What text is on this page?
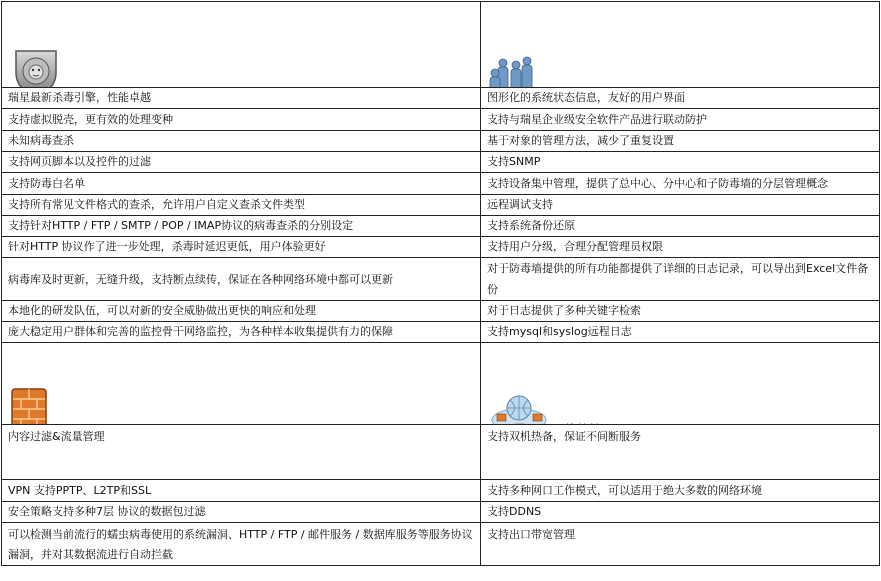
瑞星最新杀毒引擎，性能卓越	图形化的系统状态信息，友好的用户界面
支持虚拟脱壳，更有效的处理变种	支持与瑞星企业级安全软件产品进行联动防护
未知病毒查杀	基于对象的管理方法，减少了重复设置
支持网页脚本以及控件的过滤	支持SNMP
支持防毒白名单	支持设备集中管理，提供了总中心、分中心和子防毒墙的分层管理概念
支持所有常见文件格式的查杀，允许用户自定义查杀文件类型	远程调试支持
支持针对HTTP / FTP / SMTP / POP / IMAP协议的病毒查杀的分别设定	支持系统备份还原
针对HTTP 协议作了进一步处理，杀毒时延迟更低，用户体验更好	支持用户分级，合理分配管理员权限
病毒库及时更新，无缝升级，支持断点续传，保证在各种网络环境中都可以更新	对于防毒墙提供的所有功能都提供了详细的日志记录，可以导出到Excel文件备份
本地化的研发队伍，可以对新的安全威胁做出更快的响应和处理	对于日志提供了多种关键字检索
庞大稳定用户群体和完善的监控骨干网络监控，为各种样本收集提供有力的保障	支持mysql和syslog远程日志

内容过滤&流量管理	支持双机热备，保证不间断服务
VPN 支持PPTP、L2TP和SSL	支持多种网口工作模式，可以适用于绝大多数的网络环境
安全策略支持多种7层 协议的数据包过滤	支持DDNS
可以检测当前流行的蠕虫病毒使用的系统漏洞、HTTP / FTP / 邮件服务 / 数据库服务等服务协议漏洞，并对其数据流进行自动拦截	支持出口带宽管理
